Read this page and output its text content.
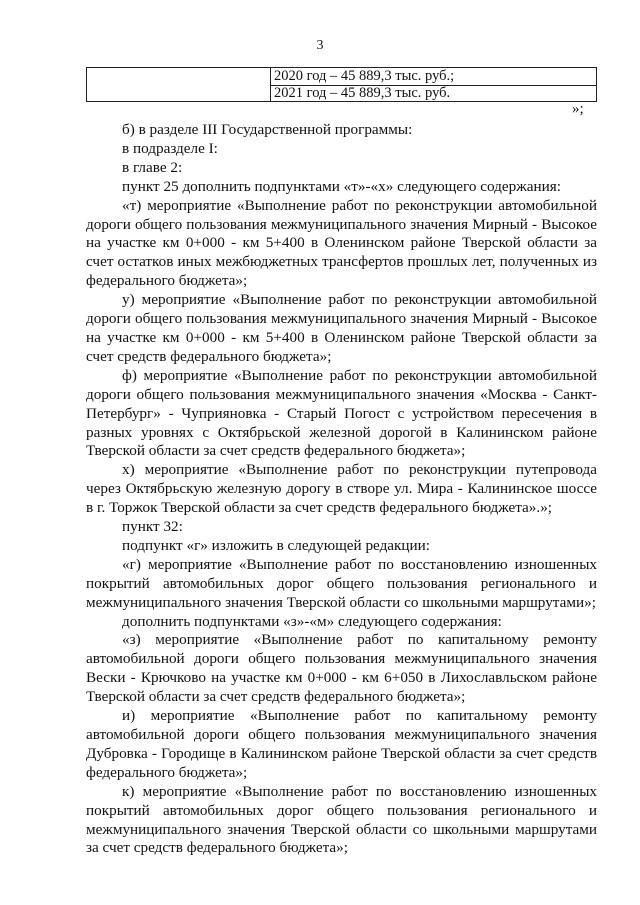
3
2020 год – 45 889,3 тыс. руб.;
2021 год – 45 889,3 тыс. руб.
»;

б) в разделе III Государственной программы:

в подразделе I:

в главе 2:

пункт 25 дополнить подпунктами «т»-«х» следующего содержания:

«т) мероприятие «Выполнение работ по реконструкции автомобильной дороги общего пользования межмуниципального значения Мирный - Высокое на участке км 0+000 - км 5+400 в Оленинском районе Тверской области за счет остатков иных межбюджетных трансфертов прошлых лет, полученных из федерального бюджета»;

у) мероприятие «Выполнение работ по реконструкции автомобильной дороги общего пользования межмуниципального значения Мирный - Высокое на участке км 0+000 - км 5+400 в Оленинском районе Тверской области за счет средств федерального бюджета»;

ф) мероприятие «Выполнение работ по реконструкции автомобильной дороги общего пользования межмуниципального значения «Москва - Санкт-Петербург» - Чуприяновка - Старый Погост с устройством пересечения в разных уровнях с Октябрьской железной дорогой в Калининском районе Тверской области за счет средств федерального бюджета»;

х) мероприятие «Выполнение работ по реконструкции путепровода через Октябрьскую железную дорогу в створе ул. Мира - Калининское шоссе в г. Торжок Тверской области за счет средств федерального бюджета».»;

пункт 32:

подпункт «г» изложить в следующей редакции:

«г) мероприятие «Выполнение работ по восстановлению изношенных покрытий автомобильных дорог общего пользования регионального и межмуниципального значения Тверской области со школьными маршрутами»;

дополнить подпунктами «з»-«м» следующего содержания:

«з) мероприятие «Выполнение работ по капитальному ремонту автомобильной дороги общего пользования межмуниципального значения Вески - Крючково на участке км 0+000 - км 6+050 в Лихославльском районе Тверской области за счет средств федерального бюджета»;

и) мероприятие «Выполнение работ по капитальному ремонту автомобильной дороги общего пользования межмуниципального значения Дубровка - Городище в Калининском районе Тверской области за счет средств федерального бюджета»;

к) мероприятие «Выполнение работ по восстановлению изношенных покрытий автомобильных дорог общего пользования регионального и межмуниципального значения Тверской области со школьными маршрутами за счет средств федерального бюджета»;
